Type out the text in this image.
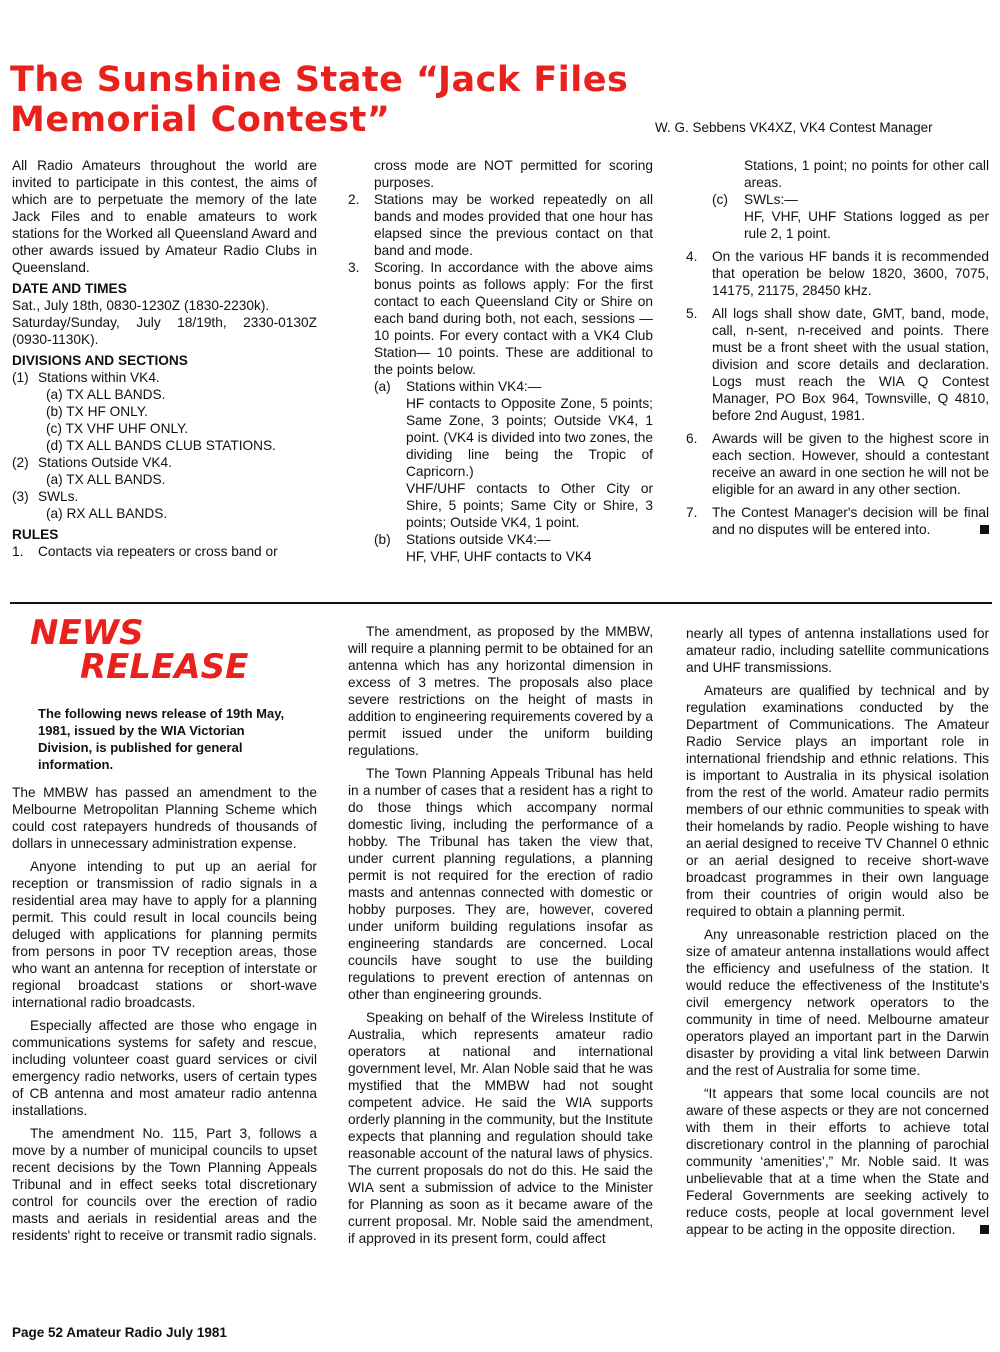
The Sunshine State “Jack Files
Memorial Contest”	W. G. Sebbens VK4XZ, VK4 Contest Manager

All Radio Amateurs throughout the world are invited to participate in this contest, the aims of which are to perpetuate the memory of the late Jack Files and to enable amateurs to work stations for the Worked all Queensland Award and other awards issued by Amateur Radio Clubs in Queensland.

DATE AND TIMES

Sat., July 18th, 0830-1230Z (1830-2230k).

Saturday/Sunday, July 18/19th, 2330-0130Z (0930-1130K).

DIVISIONS AND SECTIONS

(1) Stations within VK4.

(a) TX ALL BANDS.

(b) TX HF ONLY.

(c) TX VHF UHF ONLY.

(d) TX ALL BANDS CLUB STATIONS.

(2) Stations Outside VK4.

(a) TX ALL BANDS.

(3) SWLs.

(a) RX ALL BANDS.

RULES

1.	Contacts via repeaters or cross band or

cross mode are NOT permitted for scoring purposes.

2.	Stations may be worked repeatedly on all bands and modes provided that one hour has elapsed since the previous contact on that band and mode.
3.	Scoring. In accordance with the above aims bonus points as follows apply: For the first contact to each Queensland City or Shire on each band during both, not each, sessions — 10 points. For every contact with a VK4 Club Station— 10 points. These are additional to the points below.
(a)	Stations within VK4:—

HF contacts to Opposite Zone, 5 points; Same Zone, 3 points; Outside VK4, 1 point. (VK4 is divided into two zones, the dividing line being the Tropic of Capricorn.)

VHF/UHF contacts to Other City or Shire, 5 points; Same City or Shire, 3 points; Outside VK4, 1 point.

(b)	Stations outside VK4:—

HF, VHF, UHF contacts to VK4

Stations, 1 point; no points for other call areas.

(c)	SWLs:—

HF, VHF, UHF Stations logged as per rule 2, 1 point.

4.	On the various HF bands it is recommended that operation be below 1820, 3600, 7075, 14175, 21175, 28450 kHz.
5.	All logs shall show date, GMT, band, mode, call, n-sent, n-received and points. There must be a front sheet with the usual station, division and score details and declaration. Logs must reach the WIA Q Contest Manager, PO Box 964, Townsville, Q 4810, before 2nd August, 1981.
6.	Awards will be given to the highest score in each section. However, should a contestant receive an award in one section he will not be eligible for an award in any other section.
7.	The Contest Manager's decision will be final and no disputes will be entered into.
NEWS
RELEASE
The following news release of 19th May, 1981, issued by the WIA Victorian Division, is published for general information.

The MMBW has passed an amendment to the Melbourne Metropolitan Planning Scheme which could cost ratepayers hundreds of thousands of dollars in unnecessary administration expense.

Anyone intending to put up an aerial for reception or transmission of radio signals in a residential area may have to apply for a planning permit. This could result in local councils being deluged with applications for planning permits from persons in poor TV reception areas, those who want an antenna for reception of interstate or regional broadcast stations or short-wave international radio broadcasts.

Especially affected are those who engage in communications systems for safety and rescue, including volunteer coast guard services or civil emergency radio networks, users of certain types of CB antenna and most amateur radio antenna installations.

The amendment No. 115, Part 3, follows a move by a number of municipal councils to upset recent decisions by the Town Planning Appeals Tribunal and in effect seeks total discretionary control for councils over the erection of radio masts and aerials in residential areas and the residents' right to receive or transmit radio signals.

The amendment, as proposed by the MMBW, will require a planning permit to be obtained for an antenna which has any horizontal dimension in excess of 3 metres. The proposals also place severe restrictions on the height of masts in addition to engineering requirements covered by a permit issued under the uniform building regulations.

The Town Planning Appeals Tribunal has held in a number of cases that a resident has a right to do those things which accompany normal domestic living, including the performance of a hobby. The Tribunal has taken the view that, under current planning regulations, a planning permit is not required for the erection of radio masts and antennas connected with domestic or hobby purposes. They are, however, covered under uniform building regulations insofar as engineering standards are concerned. Local councils have sought to use the building regulations to prevent erection of antennas on other than engineering grounds.

Speaking on behalf of the Wireless Institute of Australia, which represents amateur radio operators at national and international government level, Mr. Alan Noble said that he was mystified that the MMBW had not sought competent advice. He said the WIA supports orderly planning in the community, but the Institute expects that planning and regulation should take reasonable account of the natural laws of physics. The current proposals do not do this. He said the WIA sent a submission of advice to the Minister for Planning as soon as it became aware of the current proposal. Mr. Noble said the amendment, if approved in its present form, could affect

nearly all types of antenna installations used for amateur radio, including satellite communications and UHF transmissions.

Amateurs are qualified by technical and by regulation examinations conducted by the Department of Communications. The Amateur Radio Service plays an important role in international friendship and ethnic relations. This is important to Australia in its physical isolation from the rest of the world. Amateur radio permits members of our ethnic communities to speak with their homelands by radio. People wishing to have an aerial designed to receive TV Channel 0 ethnic or an aerial designed to receive short-wave broadcast programmes in their own language from their countries of origin would also be required to obtain a planning permit.

Any unreasonable restriction placed on the size of amateur antenna installations would affect the efficiency and usefulness of the station. It would reduce the effectiveness of the Institute's civil emergency network operators to the community in time of need. Melbourne amateur operators played an important part in the Darwin disaster by providing a vital link between Darwin and the rest of Australia for some time.

“It appears that some local councils are not aware of these aspects or they are not concerned with them in their efforts to achieve total discretionary control in the planning of parochial community ‘amenities’,” Mr. Noble said. It was unbelievable that at a time when the State and Federal Governments are seeking actively to reduce costs, people at local government level appear to be acting in the opposite direction.

Page 52 Amateur Radio July 1981
